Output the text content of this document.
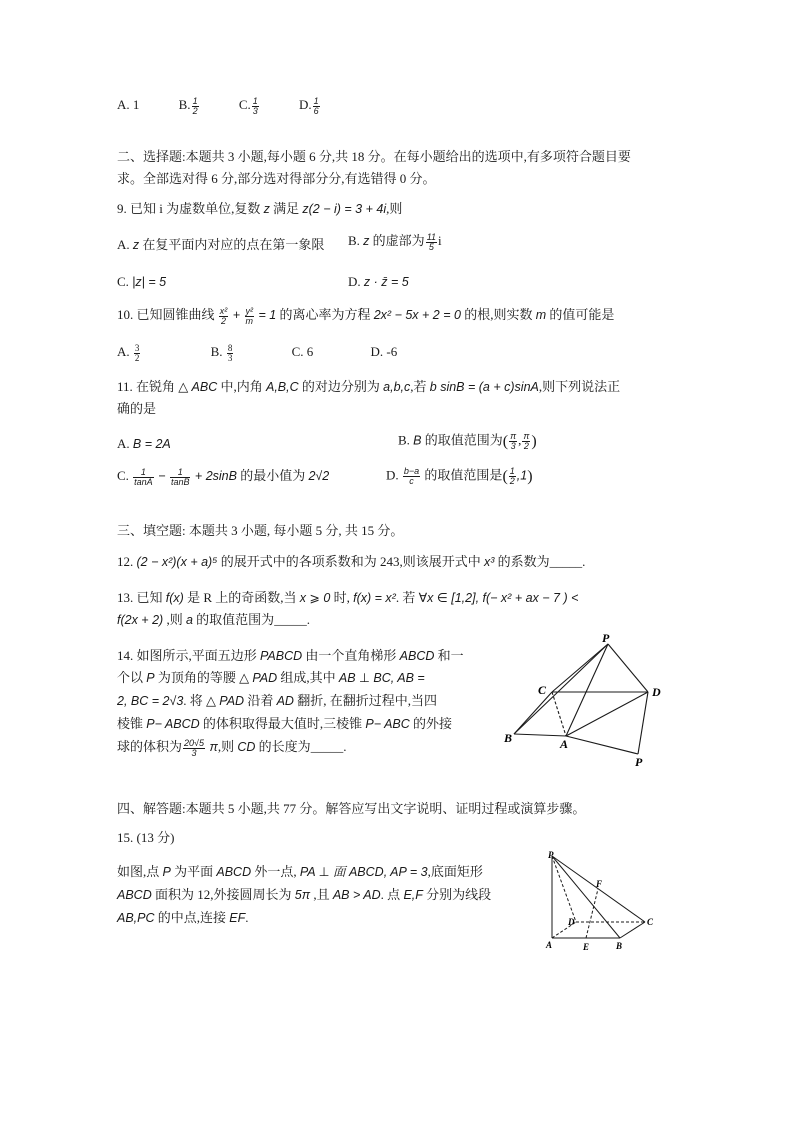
A. 1	B. $\frac{1}{2}$	C. $\frac{1}{3}$	D. $\frac{1}{6}$
二、选择题:本题共 3 小题,每小题 6 分,共 18 分。在每小题给出的选项中,有多项符合题目要
求。全部选对得 6 分,部分选对得部分分,有选错得 0 分。
9. 已知 i 为虚数单位,复数 z 满足 z(2 − i) = 3 + 4i,则
A. z 在复平面内对应的点在第一象限 B. z 的虚部为 $\frac{11}{5}$ i
C. |z| = 5	D. z · z̄ = 5
10. 已知圆锥曲线 $\frac{\text{x²}}{2} + \frac{\text{y²}}{m} = 1$ 的离心率为方程 2x² − 5x + 2 = 0 的根,则实数 m 的值可能是
A. $\frac{3}{2}$	B. $\frac{8}{3}$	C. 6	D. -6
11. 在锐角 △ ABC 中,内角 A,B,C 的对边分别为 a,b,c,若 b sinB = (a + c)sinA,则下列说法正
确的是
A. B = 2A	B. B 的取值范围为( $\frac{\pi}{3}$ , $\frac{\pi}{2}$ )
C. $\frac{1}{\tan A} - \frac{1}{\tan B} + 2\sin B$ 的最小值为 2√2	D. $\frac{b-a}{c}$ 的取值范围是( $\frac{1}{2} ,1$)
三、填空题: 本题共 3 小题, 每小题 5 分, 共 15 分。
12. (2 − x²)(x + a)⁵ 的展开式中的各项系数和为 243,则该展开式中 x³ 的系数为_____.
13. 已知 f(x) 是 R 上的奇函数,当 x ⩾ 0 时, f(x) = x². 若 ∀x ∈ [1,2], f(− x² + ax − 7 ) <
f(2x + 2) ,则 a 的取值范围为_____.
14. 如图所示,平面五边形 PABCD 由一个直角梯形 ABCD 和一
个以 P 为顶角的等腰 △ PAD 组成,其中 AB ⊥ BC, AB =
2, BC = 2√3. 将 △ PAD 沿着 AD 翻折, 在翻折过程中,当四
棱锥 P− ABCD 的体积取得最大值时,三棱锥 P− ABC 的外接
球的体积为 $\frac{20√5}{3} \pi$,则 CD 的长度为_____.
P
C	D
B	A
P
四、解答题:本题共 5 小题,共 77 分。解答应写出文字说明、证明过程或演算步骤。
15. (13 分)
如图,点 P 为平面 ABCD 外一点, PA ⊥ 面 ABCD, AP = 3,底面矩形
ABCD 面积为 12,外接圆周长为 5π ,且 AB > AD. 点 E,F 分别为线段
AB,PC 的中点,连接 EF.
P
F
D	C
A	E	B
